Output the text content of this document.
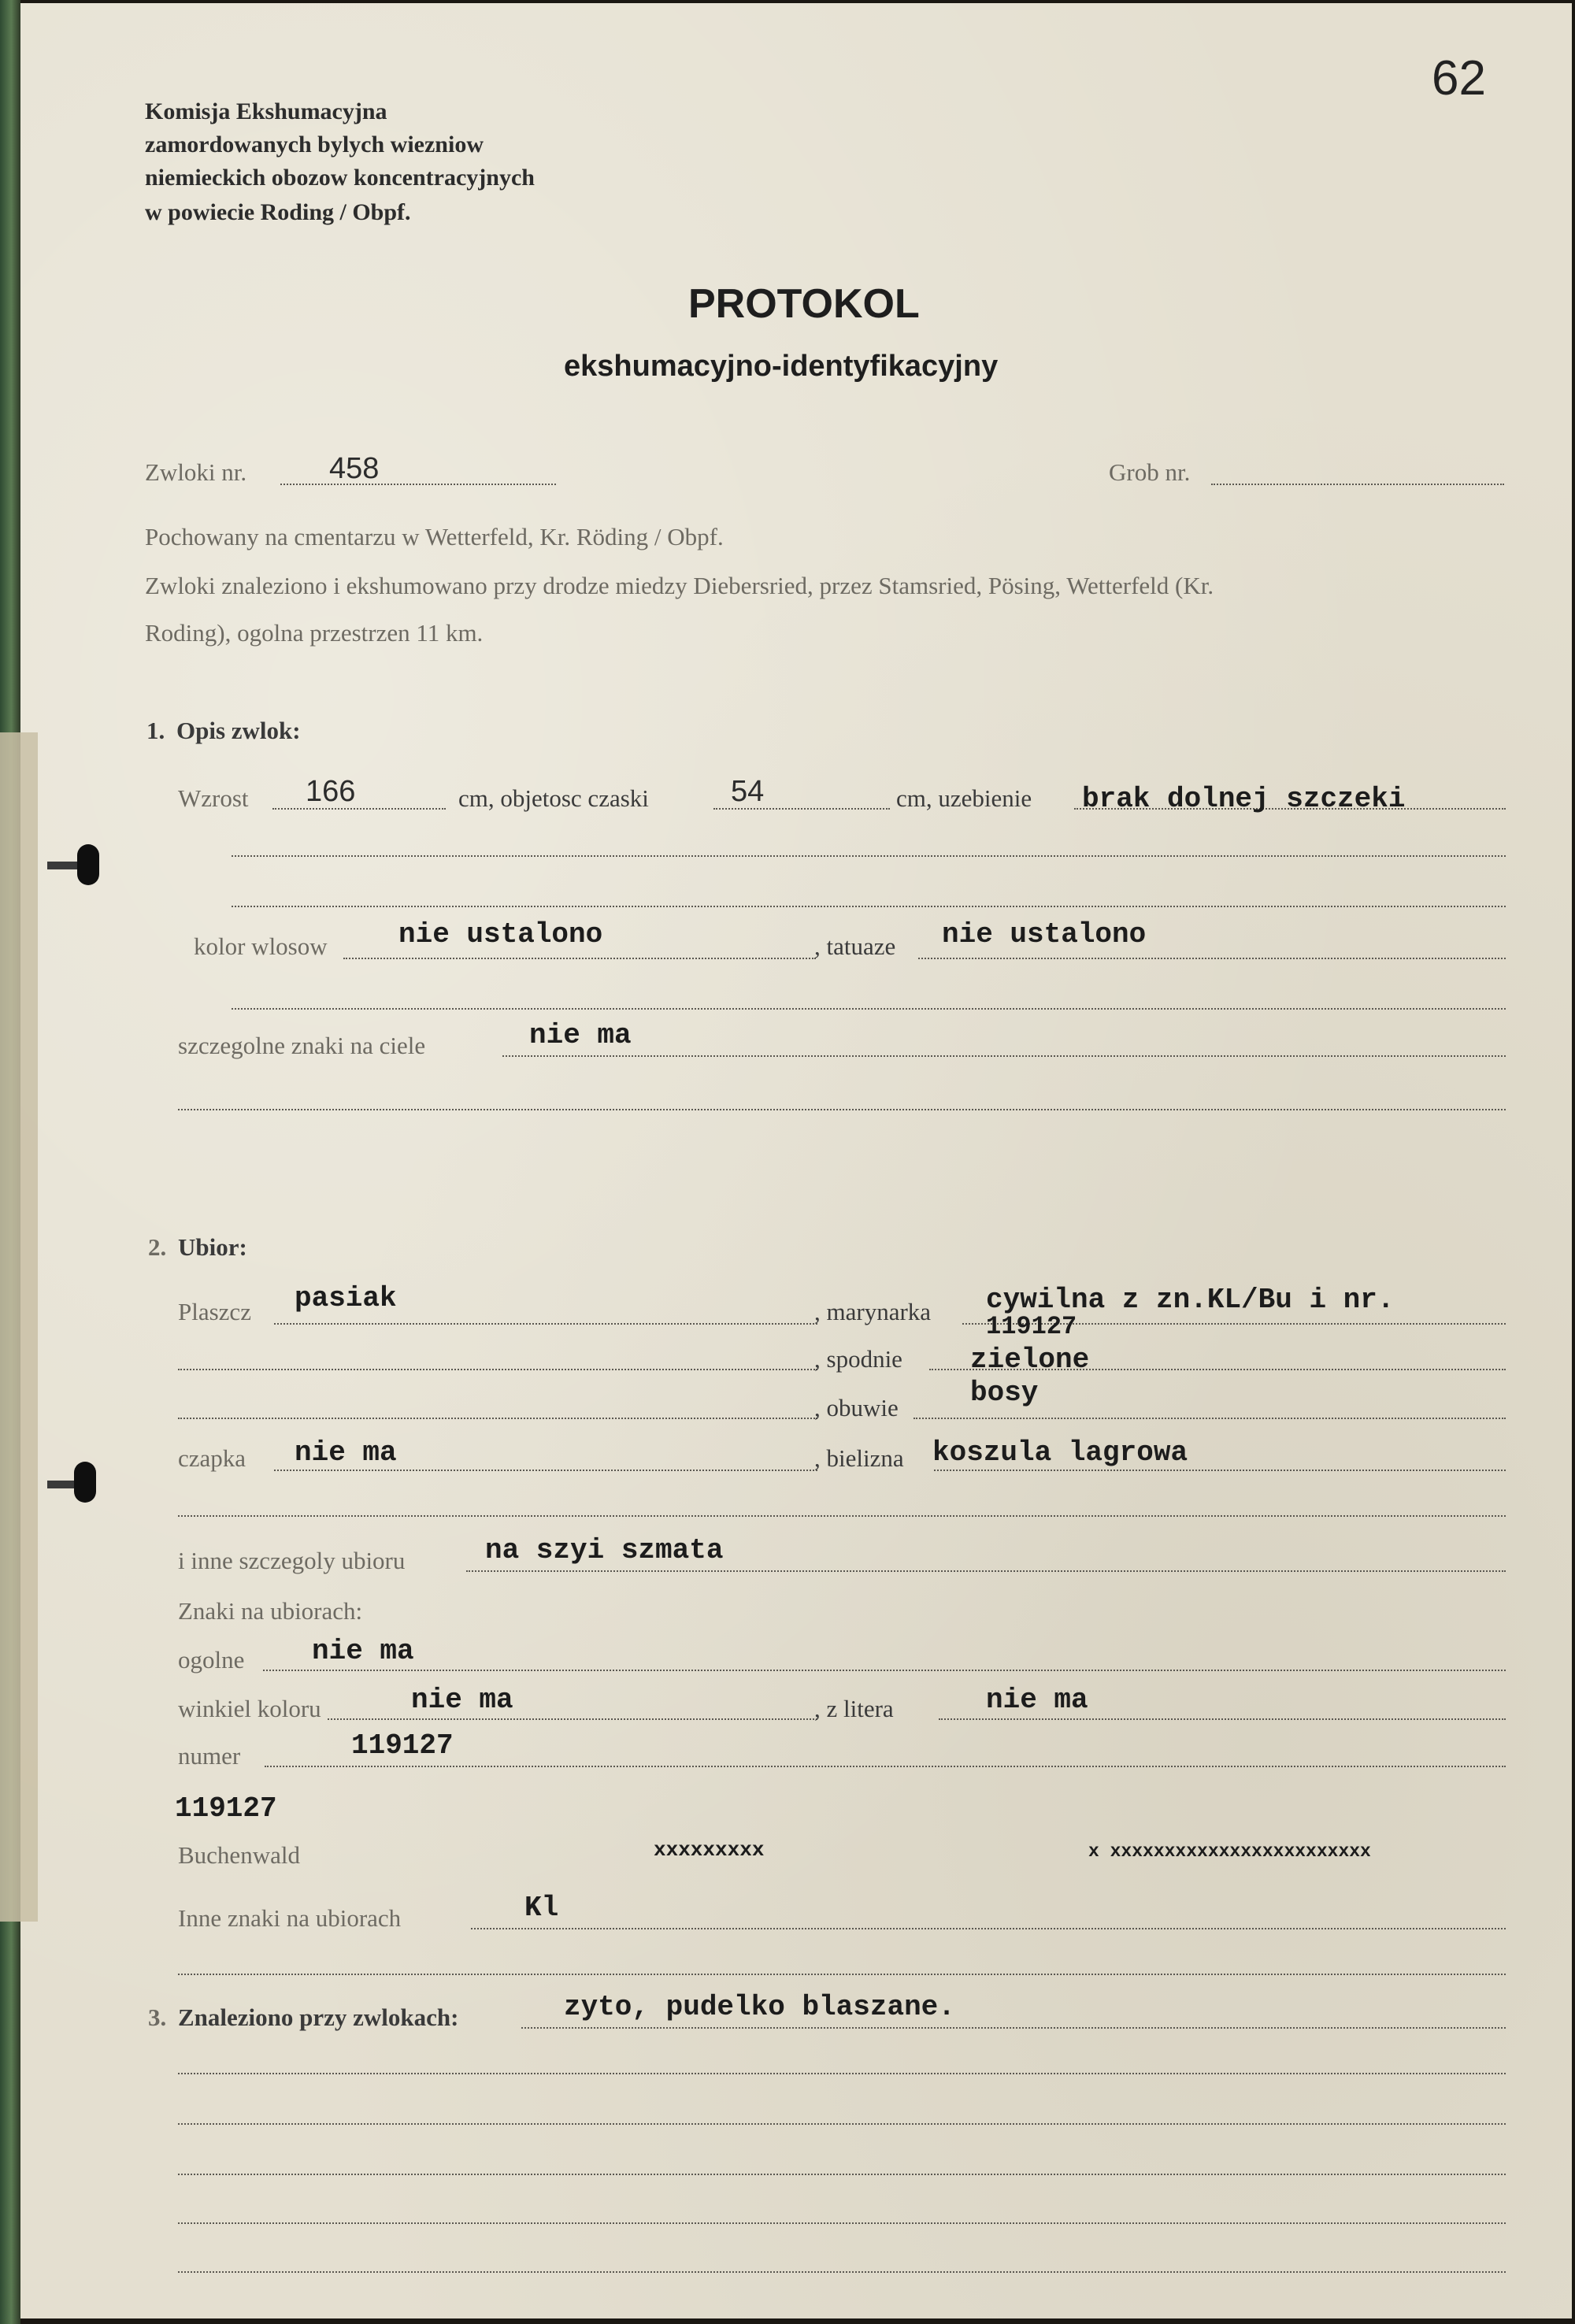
62
Komisja Ekshumacyjna
zamordowanych bylych wiezniow
niemieckich obozow koncentracyjnych
w powiecie Roding / Obpf.
PROTOKOL
ekshumacyjno-identyfikacyjny
Zwloki nr.	458	Grob nr.
Pochowany na cmentarzu w Wetterfeld, Kr. Röding / Obpf.
Zwloki znaleziono i ekshumowano przy drodze miedzy Diebersried, przez Stamsried, Pösing, Wetterfeld (Kr.
Roding), ogolna przestrzen 11 km.
1. Opis zwlok:
Wzrost 166	cm, objetosc czaski	54	cm, uzebienie brak dolnej szczeki
kolor wlosow	nie ustalono	, tatuaze nie ustalono
szczegolne znaki na ciele	nie ma
2. Ubior:
Plaszcz pasiak	, marynarka cywilna z zn.KL/Bu i nr.
119127
, spodnie zielone
, obuwie	bosy
czapka nie ma	, bielizna koszula lagrowa
i inne szczegoly ubioru	na szyi szmata
Znaki na ubiorach:
ogolne nie ma
winkiel koloru	nie ma	, z litera	nie ma
numer	119127
119127
Buchenwald	xxxxxxxxx	x xxxxxxxxxxxxxxxxxxxxxxxx
Inne znaki na ubiorach	Kl
3. Znaleziono przy zwlokach:	zyto, pudelko blaszane.
